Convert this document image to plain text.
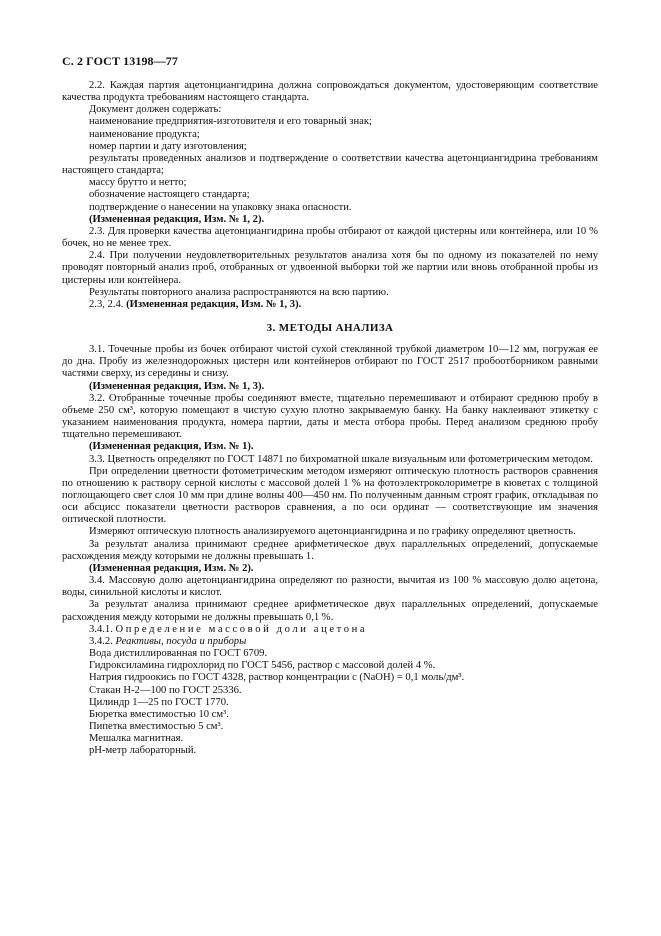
С. 2 ГОСТ 13198—77

2.2. Каждая партия ацетонциангидрина должна сопровождаться документом, удостоверяющим соответствие качества продукта требованиям настоящего стандарта.

Документ должен содержать:

наименование предприятия-изготовителя и его товарный знак;

наименование продукта;

номер партии и дату изготовления;

результаты проведенных анализов и подтверждение о соответствии качества ацетонциангидрина требованиям настоящего стандарта;

массу брутто и нетто;

обозначение настоящего стандарта;

подтверждение о нанесении на упаковку знака опасности.

(Измененная редакция, Изм. № 1, 2).

2.3. Для проверки качества ацетонциангидрина пробы отбирают от каждой цистерны или контейнера, или 10 % бочек, но не менее трех.

2.4. При получении неудовлетворительных результатов анализа хотя бы по одному из показателей по нему проводят повторный анализ проб, отобранных от удвоенной выборки той же партии или вновь отобранной пробы из цистерны или контейнера.

Результаты повторного анализа распространяются на всю партию.

2.3, 2.4. (Измененная редакция, Изм. № 1, 3).

3. МЕТОДЫ АНАЛИЗА

3.1. Точечные пробы из бочек отбирают чистой сухой стеклянной трубкой диаметром 10—12 мм, погружая ее до дна. Пробу из железнодорожных цистерн или контейнеров отбирают по ГОСТ 2517 пробоотборником равными частями сверху, из середины и снизу.

(Измененная редакция, Изм. № 1, 3).

3.2. Отобранные точечные пробы соединяют вместе, тщательно перемешивают и отбирают среднюю пробу в объеме 250 см³, которую помещают в чистую сухую плотно закрываемую банку. На банку наклеивают этикетку с указанием наименования продукта, номера партии, даты и места отбора пробы. Перед анализом среднюю пробу тщательно перемешивают.

(Измененная редакция, Изм. № 1).

3.3. Цветность определяют по ГОСТ 14871 по бихроматной шкале визуальным или фотометрическим методом.

При определении цветности фотометрическим методом измеряют оптическую плотность растворов сравнения по отношению к раствору серной кислоты с массовой долей 1 % на фотоэлектроколориметре в кюветах с толщиной поглощающего свет слоя 10 мм при длине волны 400—450 нм. По полученным данным строят график, откладывая по оси абсцисс показатели цветности растворов сравнения, а по оси ординат — соответствующие им значения оптической плотности.

Измеряют оптическую плотность анализируемого ацетонциангидрина и по графику определяют цветность.

За результат анализа принимают среднее арифметическое двух параллельных определений, допускаемые расхождения между которыми не должны превышать 1.

(Измененная редакция, Изм. № 2).

3.4. Массовую долю ацетонциангидрина определяют по разности, вычитая из 100 % массовую долю ацетона, воды, синильной кислоты и кислот.

За результат анализа принимают среднее арифметическое двух параллельных определений, допускаемые расхождения между которыми не должны превышать 0,1 %.

3.4.1. Определение массовой доли ацетона

3.4.2. Реактивы, посуда и приборы

Вода дистиллированная по ГОСТ 6709.

Гидроксиламина гидрохлорид по ГОСТ 5456, раствор с массовой долей 4 %.

Натрия гидроокись по ГОСТ 4328, раствор концентрации c (NaOH) = 0,1 моль/дм³.

Стакан Н-2—100 по ГОСТ 25336.

Цилиндр 1—25 по ГОСТ 1770.

Бюретка вместимостью 10 см³.

Пипетка вместимостью 5 см³.

Мешалка магнитная.

pH-метр лабораторный.
